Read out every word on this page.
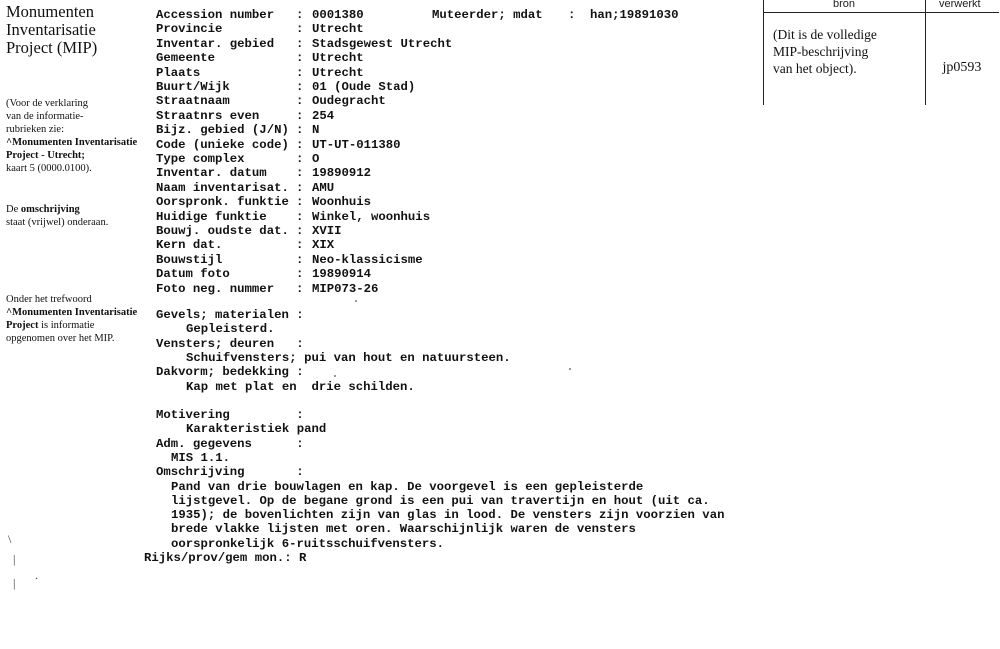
Monumenten
Inventarisatie
Project (MIP)
(Voor de verklaring
van de informatie-
rubrieken zie:
^Monumenten Inventarisatie
Project - Utrecht;
kaart 5 (0000.0100).
De omschrijving
staat (vrijwel) onderaan.
Onder het trefwoord
^Monumenten Inventarisatie
Project is informatie
opgenomen over het MIP.
\
|
|
.
Accession number : 0001380	Muteerder; mdat : han;19891030
Provincie	: Utrecht
Inventar. gebied : Stadsgewest Utrecht
Gemeente	: Utrecht
Plaats	: Utrecht
Buurt/Wijk	: 01 (Oude Stad)
Straatnaam	: Oudegracht
Straatnrs even	: 254
Bijz. gebied (J/N) : N
Code (unieke code) : UT-UT-011380
Type complex	: O
Inventar. datum : 19890912
Naam inventarisat. : AMU
Oorspronk. funktie : Woonhuis
Huidige funktie : Winkel, woonhuis
Bouwj. oudste dat. : XVII
Kern dat.	: XIX
Bouwstijl	: Neo-klassicisme
Datum foto	: 19890914
Foto neg. nummer : MIP073-26
Gevels; materialen :
Gepleisterd.
Vensters; deuren   :
Schuifvensters; pui van hout en natuursteen.
Dakvorm; bedekking :
Kap met plat en  drie schilden.
Motivering         :
Karakteristiek pand
Adm. gegevens      :
MIS 1.1.
Omschrijving       :
Pand van drie bouwlagen en kap. De voorgevel is een gepleisterde
lijstgevel. Op de begane grond is een pui van travertijn en hout (uit ca.
1935); de bovenlichten zijn van glas in lood. De vensters zijn voorzien van
brede vlakke lijsten met oren. Waarschijnlijk waren de vensters
oorspronkelijk 6-ruitsschuifvensters.
Rijks/prov/gem mon.: R
bron	verwerkt
(Dit is de volledige
MIP-beschrijving
van het object).	jp0593
